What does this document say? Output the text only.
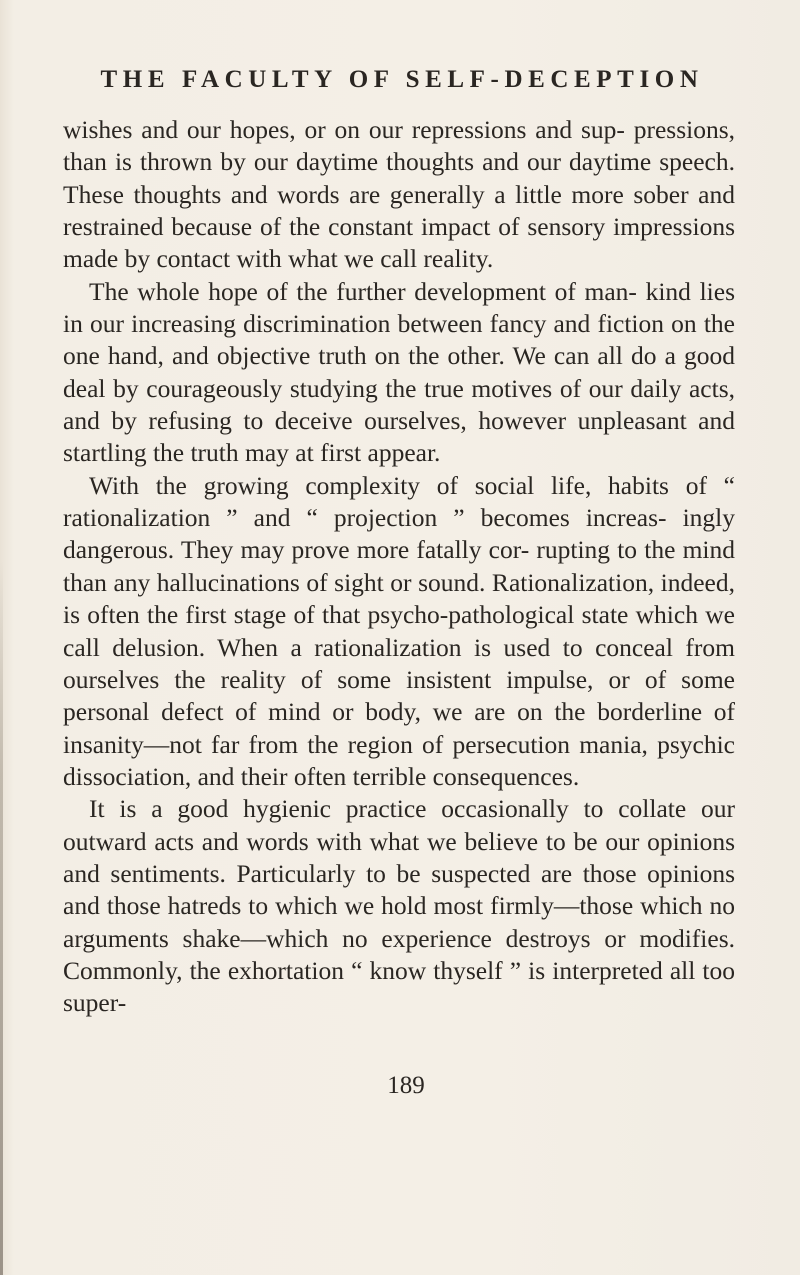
THE FACULTY OF SELF-DECEPTION

wishes and our hopes, or on our repressions and sup- pressions, than is thrown by our daytime thoughts and our daytime speech. These thoughts and words are generally a little more sober and restrained because of the constant impact of sensory impressions made by contact with what we call reality.

The whole hope of the further development of man- kind lies in our increasing discrimination between fancy and fiction on the one hand, and objective truth on the other. We can all do a good deal by courageously studying the true motives of our daily acts, and by refusing to deceive ourselves, however unpleasant and startling the truth may at first appear.

With the growing complexity of social life, habits of “ rationalization ” and “ projection ” becomes increas- ingly dangerous. They may prove more fatally cor- rupting to the mind than any hallucinations of sight or sound. Rationalization, indeed, is often the first stage of that psycho-pathological state which we call delusion. When a rationalization is used to conceal from ourselves the reality of some insistent impulse, or of some personal defect of mind or body, we are on the borderline of insanity—not far from the region of persecution mania, psychic dissociation, and their often terrible consequences.

It is a good hygienic practice occasionally to collate our outward acts and words with what we believe to be our opinions and sentiments. Particularly to be suspected are those opinions and those hatreds to which we hold most firmly—those which no arguments shake—which no experience destroys or modifies. Commonly, the exhortation “ know thyself ” is interpreted all too super-

189
